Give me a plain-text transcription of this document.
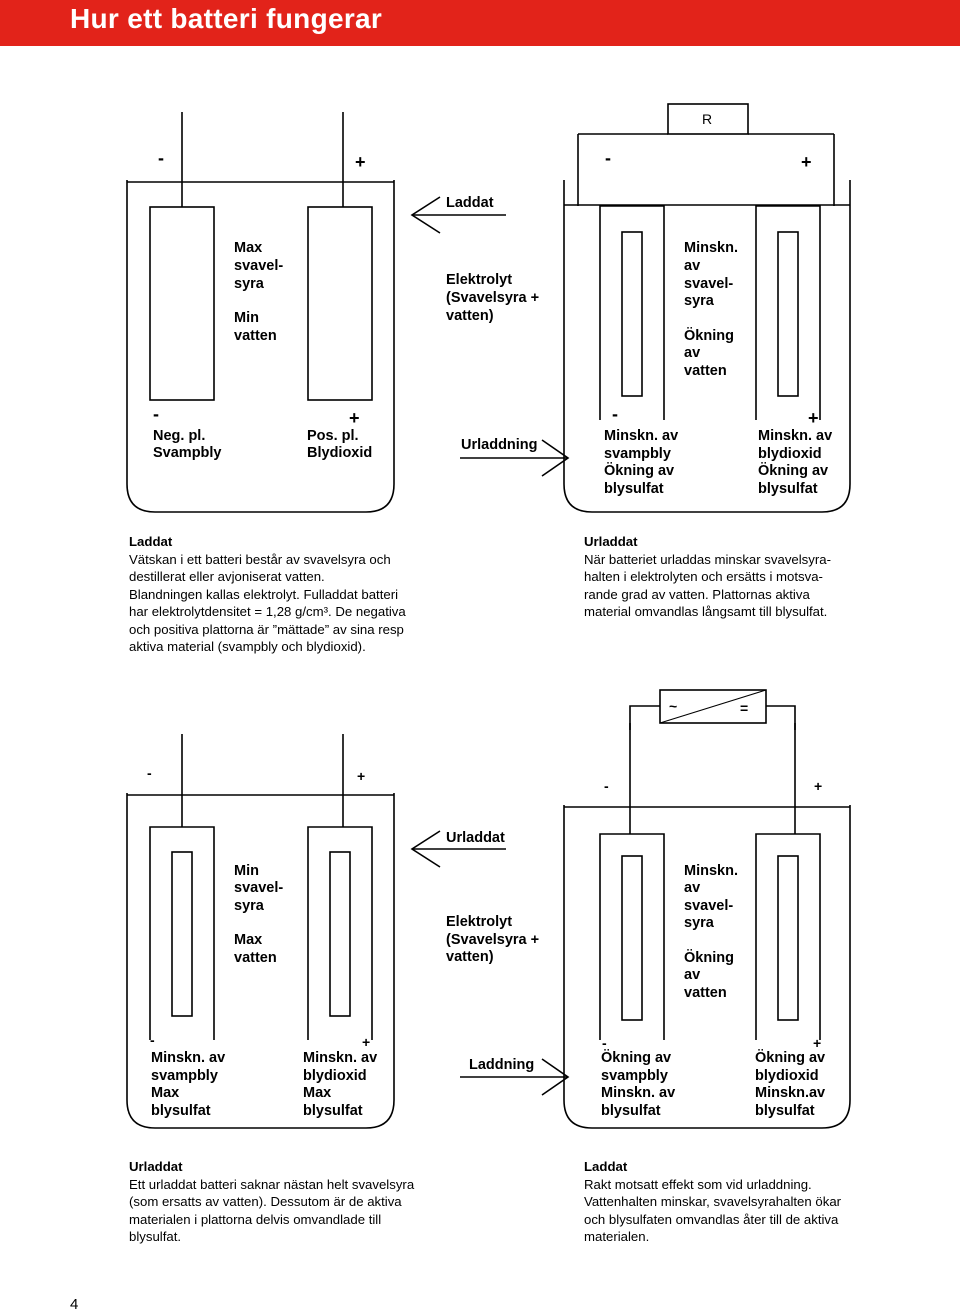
Hur ett batteri fungerar
-	+
Max svavel- syra Min vatten
-	+
Neg. pl. Svampbly
Pos. pl. Blydioxid
Laddat
Elektrolyt (Svavelsyra + vatten)
Urladdning
R
-	+
Minskn. av svavel- syra Ökning av vatten
-	+
Minskn. av svampbly Ökning av blysulfat
Minskn. av blydioxid Ökning av blysulfat
~	=
-	+
Min svavel- syra Max vatten
-	+
Minskn. av svampbly Max blysulfat
Minskn. av blydioxid Max blysulfat
Urladdat
Elektrolyt (Svavelsyra + vatten)
Laddning
-	+
Minskn. av svavel- syra Ökning av vatten
-	+
Ökning av svampbly Minskn. av blysulfat
Ökning av blydioxid Minskn.av blysulfat
Laddat
Vätskan i ett batteri består av svavelsyra och
destillerat eller avjoniserat vatten.
Blandningen kallas elektrolyt. Fulladdat batteri
har elektrolytdensitet = 1,28 g/cm³. De negativa
och positiva plattorna är ”mättade” av sina resp
aktiva material (svampbly och blydioxid).
Urladdat
När batteriet urladdas minskar svavelsyra-
halten i elektrolyten och ersätts i motsva-
rande grad av vatten. Plattornas aktiva
material omvandlas långsamt till blysulfat.
Urladdat
Ett urladdat batteri saknar nästan helt svavelsyra
(som ersatts av vatten). Dessutom är de aktiva
materialen i plattorna delvis omvandlade till
blysulfat.
Laddat
Rakt motsatt effekt som vid urladdning.
Vattenhalten minskar, svavelsyrahalten ökar
och blysulfaten omvandlas åter till de aktiva
materialen.
4
